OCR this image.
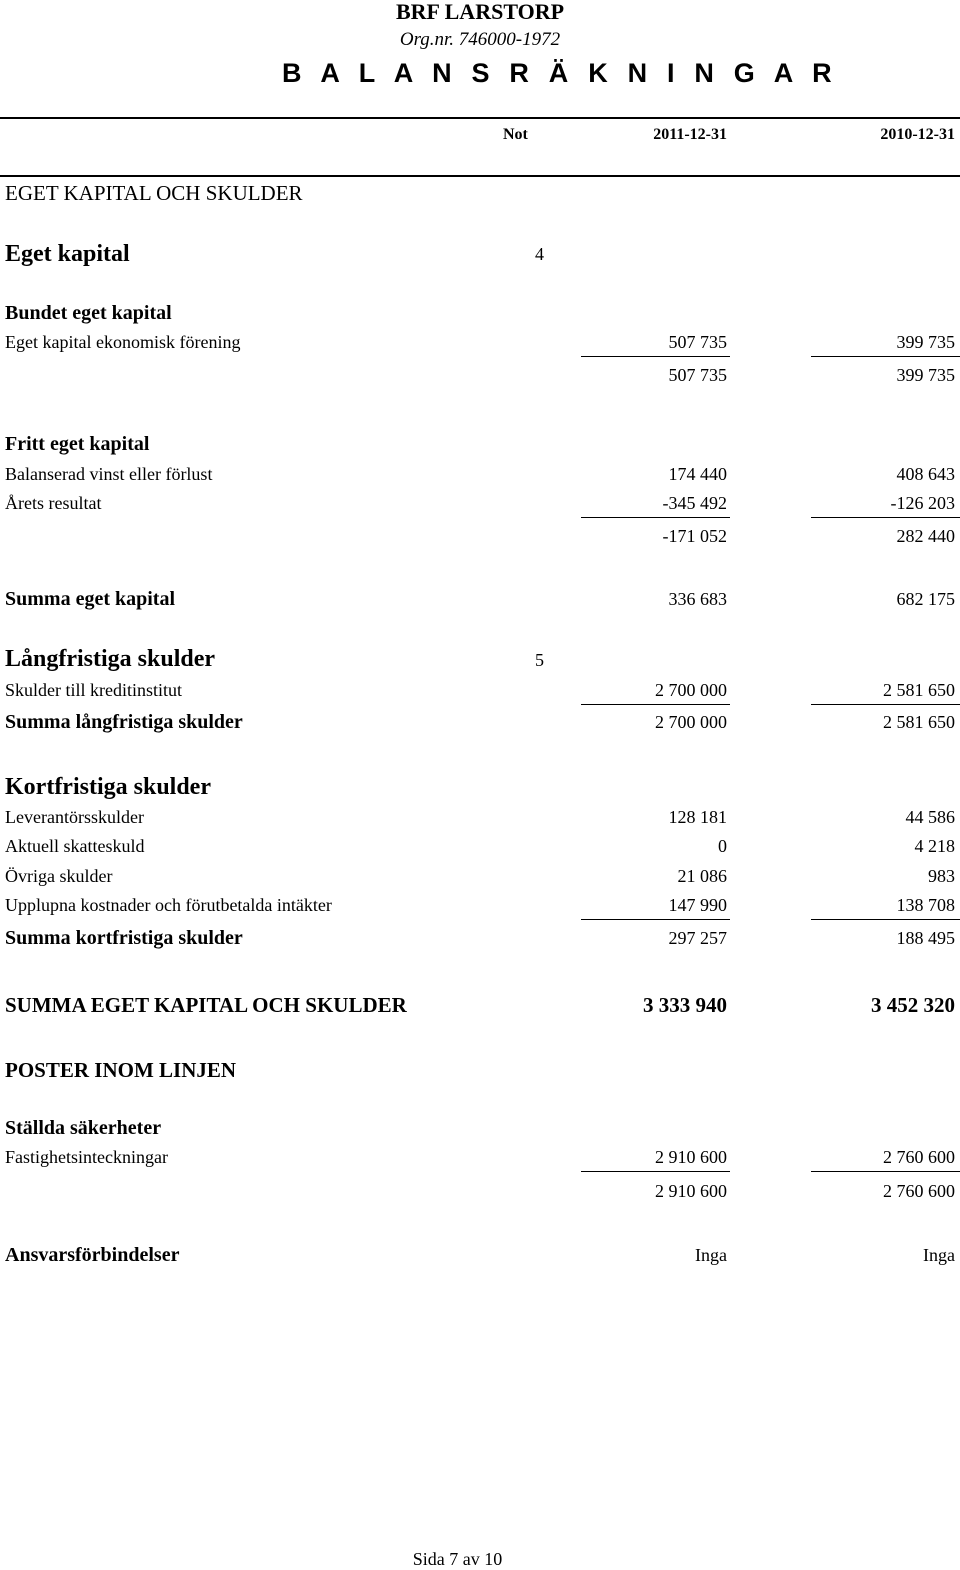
BRF LARSTORP
Org.nr. 746000-1972
B A L A N S R Ä K N I N G A R
Not	2011-12-31	2010-12-31
EGET KAPITAL OCH SKULDER
Eget kapital	4
Bundet eget kapital
Eget kapital ekonomisk förening	507 735	399 735
507 735	399 735
Fritt eget kapital
Balanserad vinst eller förlust	174 440	408 643
Årets resultat	-345 492	-126 203
-171 052	282 440
Summa eget kapital	336 683	682 175
Långfristiga skulder	5
Skulder till kreditinstitut	2 700 000	2 581 650
Summa långfristiga skulder	2 700 000	2 581 650
Kortfristiga skulder
Leverantörsskulder	128 181	44 586
Aktuell skatteskuld	0	4 218
Övriga skulder	21 086	983
Upplupna kostnader och förutbetalda intäkter	147 990	138 708
Summa kortfristiga skulder	297 257	188 495
SUMMA EGET KAPITAL OCH SKULDER	3 333 940	3 452 320
POSTER INOM LINJEN
Ställda säkerheter
Fastighetsinteckningar	2 910 600	2 760 600
2 910 600	2 760 600
Ansvarsförbindelser	Inga	Inga
Sida 7 av 10
